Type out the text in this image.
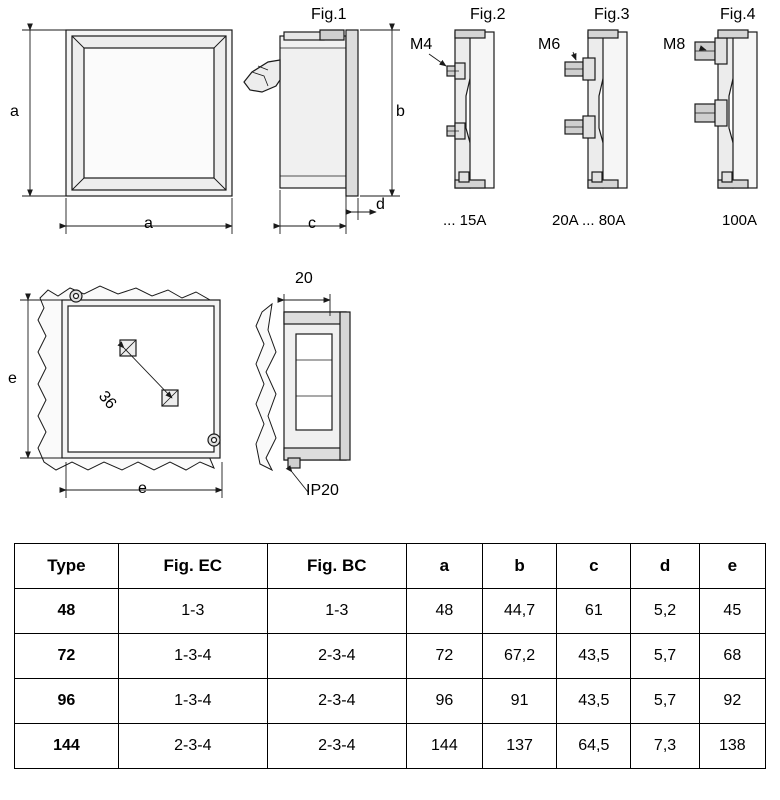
Fig.1	Fig.2	Fig.3	Fig.4
M4	M6	M8
... 15A	20A ... 80A	100A
a
a
b
c
d
e
e
20
36
IP20
Type	Fig. EC	Fig. BC	a	b	c	d	e
48	1-3	1-3	48	44,7	61	5,2	45
72	1-3-4	2-3-4	72	67,2	43,5	5,7	68
96	1-3-4	2-3-4	96	91	43,5	5,7	92
144	2-3-4	2-3-4	144	137	64,5	7,3	138
